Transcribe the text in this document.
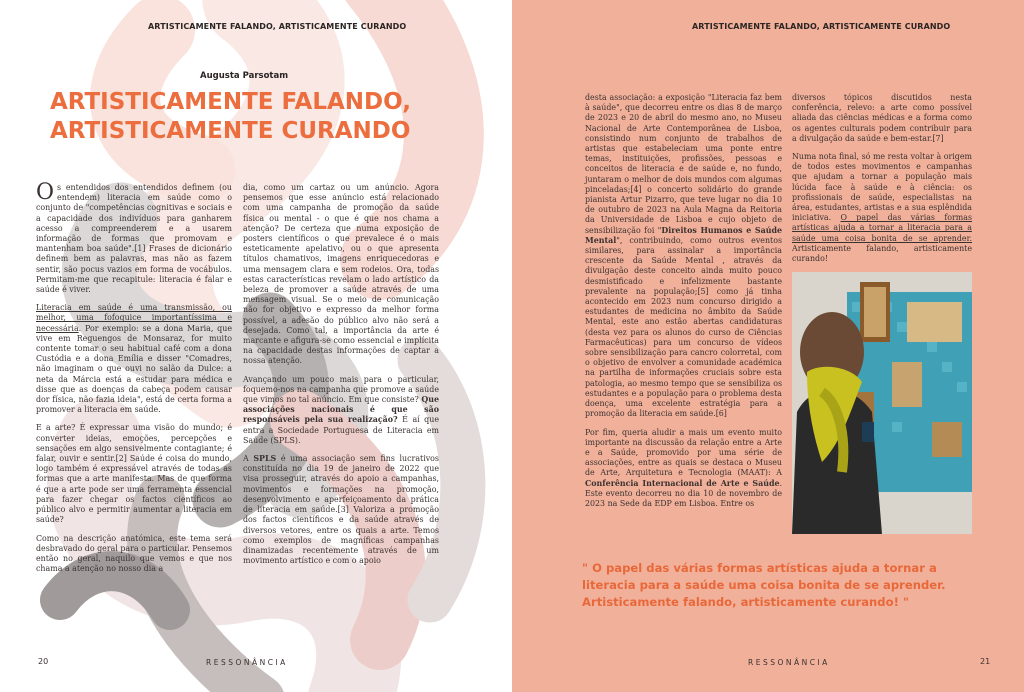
ARTISTICAMENTE FALANDO, ARTISTICAMENTE CURANDO
Augusta Parsotam
ARTISTICAMENTE FALANDO, ARTISTICAMENTE CURANDO

Os entendidos dos entendidos definem (ou entendem) literacia em saúde como o conjunto de "competências cognitivas e sociais e a capacidade dos indivíduos para ganharem acesso a compreenderem e a usarem informação de formas que promovam e mantenham boa saúde".[1] Frases de dicionário definem bem as palavras, mas não as fazem sentir, são pocus vazios em forma de vocábulos. Permitam-me que recapitule: literacia é falar e saúde é viver.

Literacia em saúde é uma transmissão, ou melhor, uma fofoquice importantíssima e necessária. Por exemplo: se a dona Maria, que vive em Reguengos de Monsaraz, for muito contente tomar o seu habitual café com a dona Custódia e a dona Emília e disser "Comadres, não imaginam o que ouvi no salão da Dulce: a neta da Márcia está a estudar para médica e disse que as doenças da cabeça podem causar dor física, não fazia ideia", está de certa forma a promover a literacia em saúde.

E a arte? É expressar uma visão do mundo; é converter ideias, emoções, percepções e sensações em algo sensivelmente contagiante; é falar, ouvir e sentir.[2] Saúde é coisa do mundo, logo também é expressável através de todas as formas que a arte manifesta. Mas de que forma é que a arte pode ser uma ferramenta essencial para fazer chegar os factos científicos ao público alvo e permitir aumentar a literacia em saúde?

Como na descrição anatómica, este tema será desbravado do geral para o particular. Pensemos então no geral, naquilo que vemos e que nos chama a atenção no nosso dia a

dia, como um cartaz ou um anúncio. Agora pensemos que esse anúncio está relacionado com uma campanha de promoção da saúde física ou mental - o que é que nos chama a atenção? De certeza que numa exposição de posters científicos o que prevalece é o mais esteticamente apelativo, ou o que apresenta títulos chamativos, imagens enriquecedoras e uma mensagem clara e sem rodeios. Ora, todas estas características revelam o lado artístico da beleza de promover a saúde através de uma mensagem visual. Se o meio de comunicação não for objetivo e expresso da melhor forma possível, a adesão do público alvo não será a desejada. Como tal, a importância da arte é marcante e afigura-se como essencial e implícita na capacidade destas informações de captar a nossa atenção.

Avançando um pouco mais para o particular, foquemo-nos na campanha que promove a saúde que vimos no tal anúncio. Em que consiste? Que associações nacionais é que são responsáveis pela sua realização? É aí que entra a Sociedade Portuguesa de Literacia em Saúde (SPLS).

A SPLS é uma associação sem fins lucrativos constituída no dia 19 de janeiro de 2022 que visa prosseguir, através do apoio a campanhas, movimentos e formações na promoção, desenvolvimento e aperfeiçoamento da prática de literacia em saúde.[3] Valoriza a promoção dos factos científicos e da saúde através de diversos vetores, entre os quais a arte. Temos como exemplos de magníficas campanhas dinamizadas recentemente através de um movimento artístico e com o apoio

20	RESSONÂNCIA
ARTISTICAMENTE FALANDO, ARTISTICAMENTE CURANDO
21
RESSONÂNCIA

desta associação: a exposição "Literacia faz bem à saúde", que decorreu entre os dias 8 de março de 2023 e 20 de abril do mesmo ano, no Museu Nacional de Arte Contemporânea de Lisboa, consistindo num conjunto de trabalhos de artistas que estabeleciam uma ponte entre temas, instituições, profissões, pessoas e conceitos de literacia e de saúde e, no fundo, juntaram o melhor de dois mundos com algumas pinceladas;[4] o concerto solidário do grande pianista Artur Pizarro, que teve lugar no dia 10 de outubro de 2023 na Aula Magna da Reitoria da Universidade de Lisboa e cujo objeto de sensibilização foi "Direitos Humanos e Saúde Mental", contribuindo, como outros eventos similares, para assinalar a importância crescente da Saúde Mental , através da divulgação deste conceito ainda muito pouco desmistificado e infelizmente bastante prevalente na população;[5] como já tinha acontecido em 2023 num concurso dirigido a estudantes de medicina no âmbito da Saúde Mental, este ano estão abertas candidaturas (desta vez para os alunos do curso de Ciências Farmacêuticas) para um concurso de vídeos sobre sensibilização para cancro colorretal, com o objetivo de envolver a comunidade académica na partilha de informações cruciais sobre esta patologia, ao mesmo tempo que se sensibiliza os estudantes e a população para o problema desta doença, uma excelente estratégia para a promoção da literacia em saúde.[6]

Por fim, queria aludir a mais um evento muito importante na discussão da relação entre a Arte e a Saúde, promovido por uma série de associações, entre as quais se destaca o Museu de Arte, Arquitetura e Tecnologia (MAAT): A Conferência Internacional de Arte e Saúde. Este evento decorreu no dia 10 de novembro de 2023 na Sede da EDP em Lisboa. Entre os

diversos tópicos discutidos nesta conferência, relevo: a arte como possível aliada das ciências médicas e a forma como os agentes culturais podem contribuir para a divulgação da saúde e bem-estar.[7]

Numa nota final, só me resta voltar à origem de todos estes movimentos e campanhas que ajudam a tornar a população mais lúcida face à saúde e à ciência: os profissionais de saúde, especialistas na área, estudantes, artistas e a sua esplêndida iniciativa. O papel das várias formas artísticas ajuda a tornar a literacia para a saúde uma coisa bonita de se aprender. Artisticamente falando, artisticamente curando!

" O papel das várias formas artísticas ajuda a tornar a literacia para a saúde uma coisa bonita de se aprender. Artisticamente falando, artisticamente curando! "
